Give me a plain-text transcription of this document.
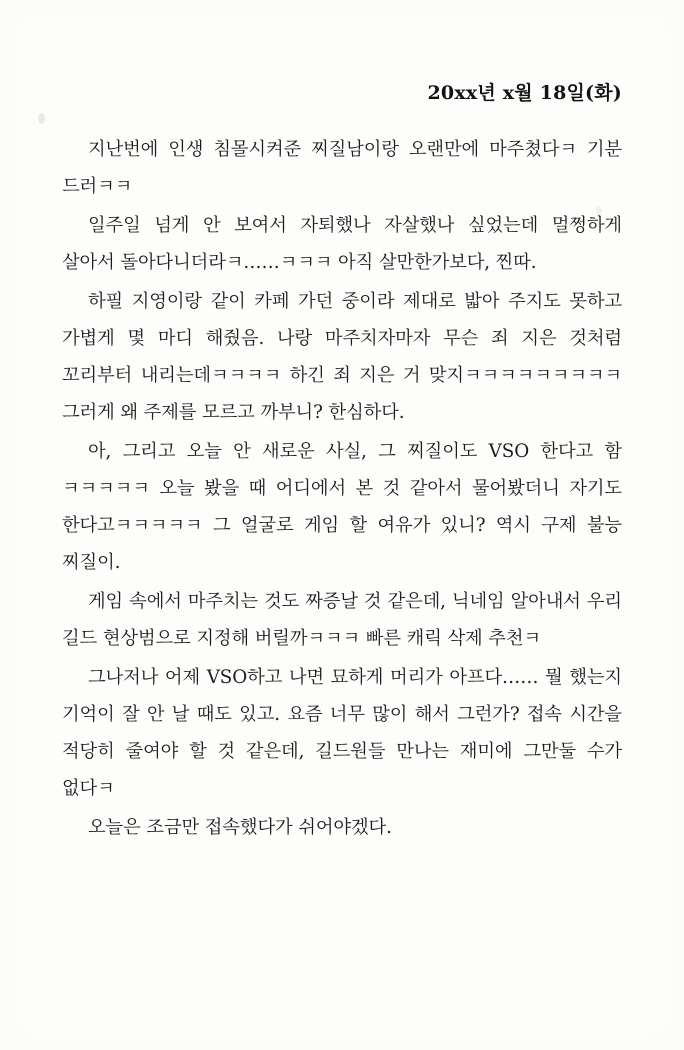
20xx년 x월 18일(화)

지난번에 인생 침몰시켜준 찌질남이랑 오랜만에 마주쳤다ㅋ 기분 드러ㅋㅋ

일주일 넘게 안 보여서 자퇴했나 자살했나 싶었는데 멀쩡하게 살아서 돌아다니더라ㅋ……ㅋㅋㅋ 아직 살만한가보다, 찐따.

하필 지영이랑 같이 카페 가던 중이라 제대로 밟아 주지도 못하고 가볍게 몇 마디 해줬음. 나랑 마주치자마자 무슨 죄 지은 것처럼 꼬리부터 내리는데ㅋㅋㅋㅋ 하긴 죄 지은 거 맞지ㅋㅋㅋㅋㅋㅋㅋㅋㅋ 그러게 왜 주제를 모르고 까부니? 한심하다.

아, 그리고 오늘 안 새로운 사실, 그 찌질이도 VSO 한다고 함 ㅋㅋㅋㅋㅋ 오늘 봤을 때 어디에서 본 것 같아서 물어봤더니 자기도 한다고ㅋㅋㅋㅋㅋ 그 얼굴로 게임 할 여유가 있니? 역시 구제 불능 찌질이.

게임 속에서 마주치는 것도 짜증날 것 같은데, 닉네임 알아내서 우리 길드 현상범으로 지정해 버릴까ㅋㅋㅋ 빠른 캐릭 삭제 추천ㅋ

그나저나 어제 VSO하고 나면 묘하게 머리가 아프다…… 뭘 했는지 기억이 잘 안 날 때도 있고. 요즘 너무 많이 해서 그런가? 접속 시간을 적당히 줄여야 할 것 같은데, 길드원들 만나는 재미에 그만둘 수가 없다ㅋ

오늘은 조금만 접속했다가 쉬어야겠다.
